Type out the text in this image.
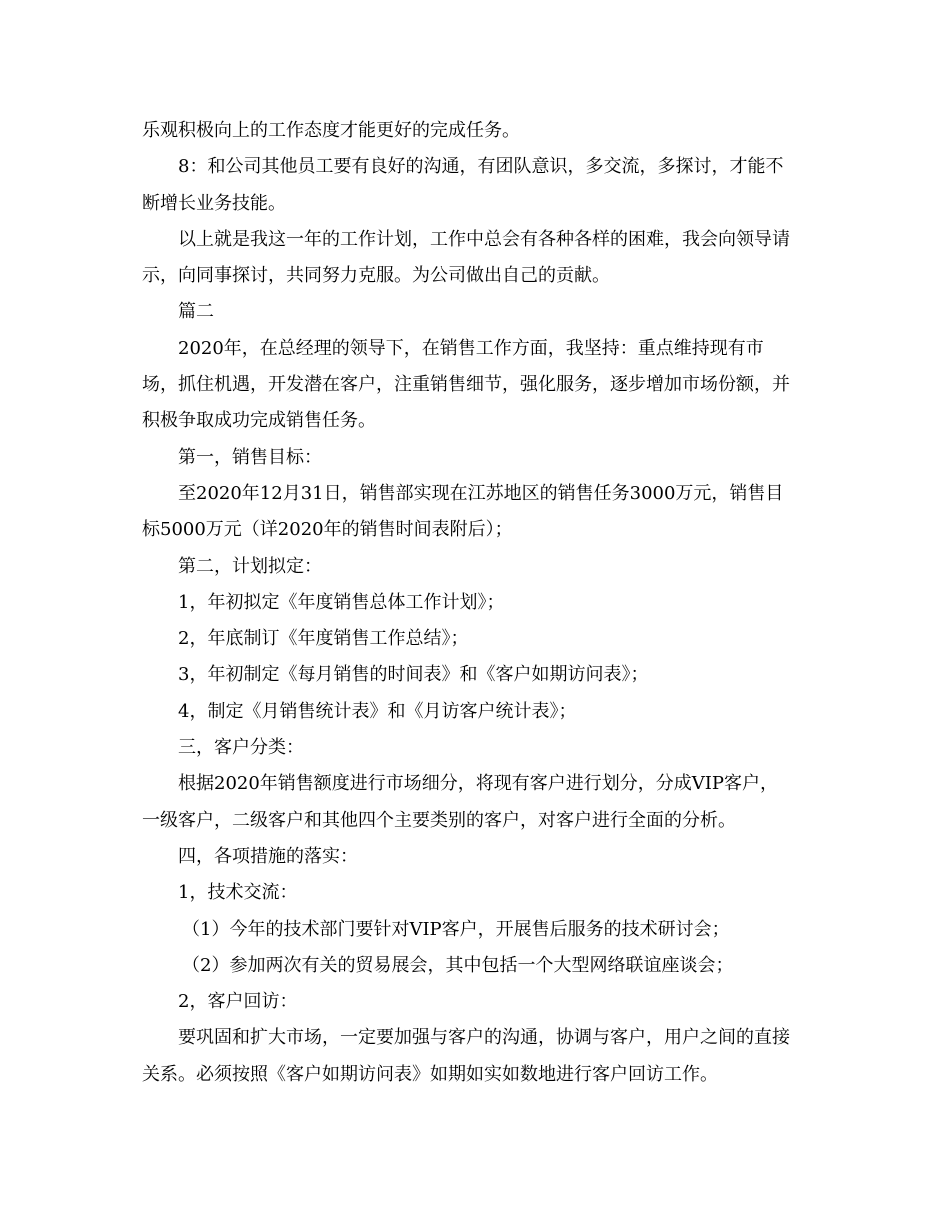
乐观积极向上的工作态度才能更好的完成任务。

8：和公司其他员工要有良好的沟通，有团队意识，多交流，多探讨，才能不

断增长业务技能。

以上就是我这一年的工作计划，工作中总会有各种各样的困难，我会向领导请

示，向同事探讨，共同努力克服。为公司做出自己的贡献。

篇二

2020年，在总经理的领导下，在销售工作方面，我坚持：重点维持现有市

场，抓住机遇，开发潜在客户，注重销售细节，强化服务，逐步增加市场份额，并

积极争取成功完成销售任务。

第一，销售目标：

至2020年12月31日，销售部实现在江苏地区的销售任务3000万元，销售目

标5000万元（详2020年的销售时间表附后）；

第二，计划拟定：

1，年初拟定《年度销售总体工作计划》；

2，年底制订《年度销售工作总结》；

3，年初制定《每月销售的时间表》和《客户如期访问表》；

4，制定《月销售统计表》和《月访客户统计表》；

三，客户分类：

根据2020年销售额度进行市场细分，将现有客户进行划分，分成VIP客户，

一级客户，二级客户和其他四个主要类别的客户，对客户进行全面的分析。

四，各项措施的落实：

1，技术交流：

（1）今年的技术部门要针对VIP客户，开展售后服务的技术研讨会；

（2）参加两次有关的贸易展会，其中包括一个大型网络联谊座谈会；

2，客户回访：

要巩固和扩大市场，一定要加强与客户的沟通，协调与客户，用户之间的直接

关系。必须按照《客户如期访问表》如期如实如数地进行客户回访工作。
